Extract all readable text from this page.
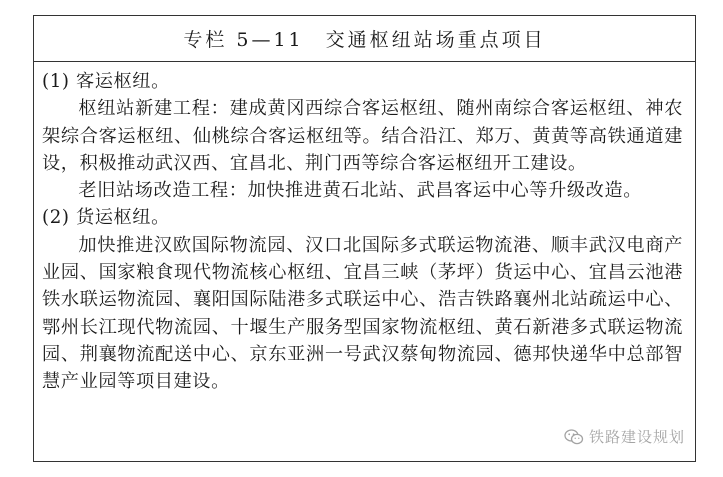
专栏 5—11　交通枢纽站场重点项目

(1) 客运枢纽。

枢纽站新建工程：建成黄冈西综合客运枢纽、随州南综合客运枢纽、神农架综合客运枢纽、仙桃综合客运枢纽等。结合沿江、郑万、黄黄等高铁通道建设，积极推动武汉西、宜昌北、荆门西等综合客运枢纽开工建设。

老旧站场改造工程：加快推进黄石北站、武昌客运中心等升级改造。

(2) 货运枢纽。

加快推进汉欧国际物流园、汉口北国际多式联运物流港、顺丰武汉电商产业园、国家粮食现代物流核心枢纽、宜昌三峡（茅坪）货运中心、宜昌云池港铁水联运物流园、襄阳国际陆港多式联运中心、浩吉铁路襄州北站疏运中心、鄂州长江现代物流园、十堰生产服务型国家物流枢纽、黄石新港多式联运物流园、荆襄物流配送中心、京东亚洲一号武汉蔡甸物流园、德邦快递华中总部智慧产业园等项目建设。

铁路建设规划
